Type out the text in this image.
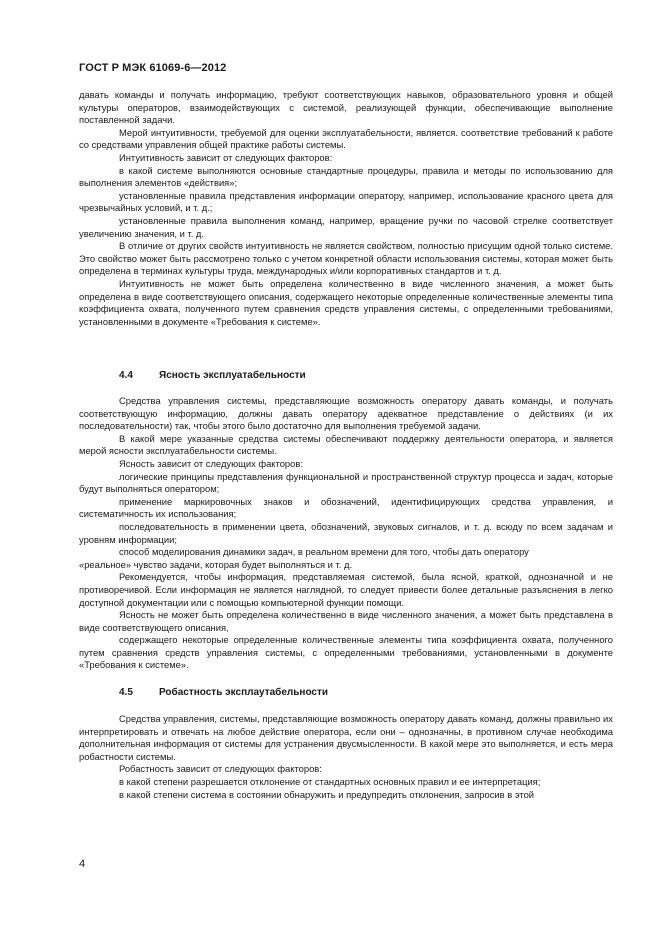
ГОСТ Р МЭК 61069-6—2012

давать команды и получать информацию, требуют соответствующих навыков, образовательного уровня и общей культуры операторов, взаимодействующих с системой, реализующей функции, обеспечивающие выполнение поставленной задачи.

Мерой интуитивности, требуемой для оценки эксплуатабельности, является. соответствие требований к работе со средствами управления общей практике работы системы.

Интуитивность зависит от следующих факторов:

в какой системе выполняются основные стандартные процедуры, правила и методы по использованию для выполнения элементов «действия»;

установленные правила представления информации оператору, например, использование красного цвета для чрезвычайных условий, и т. д.;

установленные правила выполнения команд, например, вращение ручки по часовой стрелке соответствует увеличению значения, и т. д.

В отличие от других свойств интуитивность не является свойством, полностью присущим одной только системе. Это свойство может быть рассмотрено только с учетом конкретной области использования системы, которая может быть определена в терминах культуры труда, международных и/или корпоративных стандартов и т. д.

Интуитивность не может быть определена количественно в виде численного значения, а может быть определена в виде соответствующего описания, содержащего некоторые определенные количественные элементы типа коэффициента охвата, полученного путем сравнения средств управления системы, с определенными требованиями, установленными в документе «Требования к системе».

4.4	Ясность эксплуатабельности

Средства управления системы, представляющие возможность оператору давать команды, и получать соответствующую информацию, должны давать оператору адекватное представление о действиях (и их последовательности) так, чтобы этого было достаточно для выполнения требуемой задачи.

В какой мере указанные средства системы обеспечивают поддержку деятельности оператора, и является мерой ясности эксплуатабельности системы.

Ясность зависит от следующих факторов:

логические принципы представления функциональной и пространственной структур процесса и задач, которые будут выполняться оператором;

применение маркировочных знаков и обозначений, идентифицирующих средства управления, и систематичность их использования;

последовательность в применении цвета, обозначений, звуковых сигналов, и т. д. всюду по всем задачам и уровням информации;

способ моделирования динамики задач, в реальном времени для того, чтобы дать оператору

«реальное» чувство задачи, которая будет выполняться и т. д.

Рекомендуется, чтобы информация, представляемая системой, была ясной, краткой, однозначной и не противоречивой. Если информация не является наглядной, то следует привести более детальные разъяснения в легко доступной документации или с помощью компьютерной функции помощи.

Ясность не может быть определена количественно в виде численного значения, а может быть представлена в виде соответствующего описания,

содержащего некоторые определенные количественные элементы типа коэффициента охвата, полученного путем сравнения средств управления системы, с определенными требованиями, установленными в документе «Требования к системе».

4.5	Робастность эксплаутабельности

Средства управления, системы, представляющие возможность оператору давать команд, должны правильно их интерпретировать и отвечать на любое действие оператора, если они – однозначны, в противном случае необходима дополнительная информация от системы для устранения двусмысленности. В какой мере это выполняется, и есть мера робастности системы.

Робастность зависит от следующих факторов:

в какой степени разрешается отклонение от стандартных основных правил и ее интерпретация;

в какой степени система в состоянии обнаружить и предупредить отклонения, запросив в этой

4
